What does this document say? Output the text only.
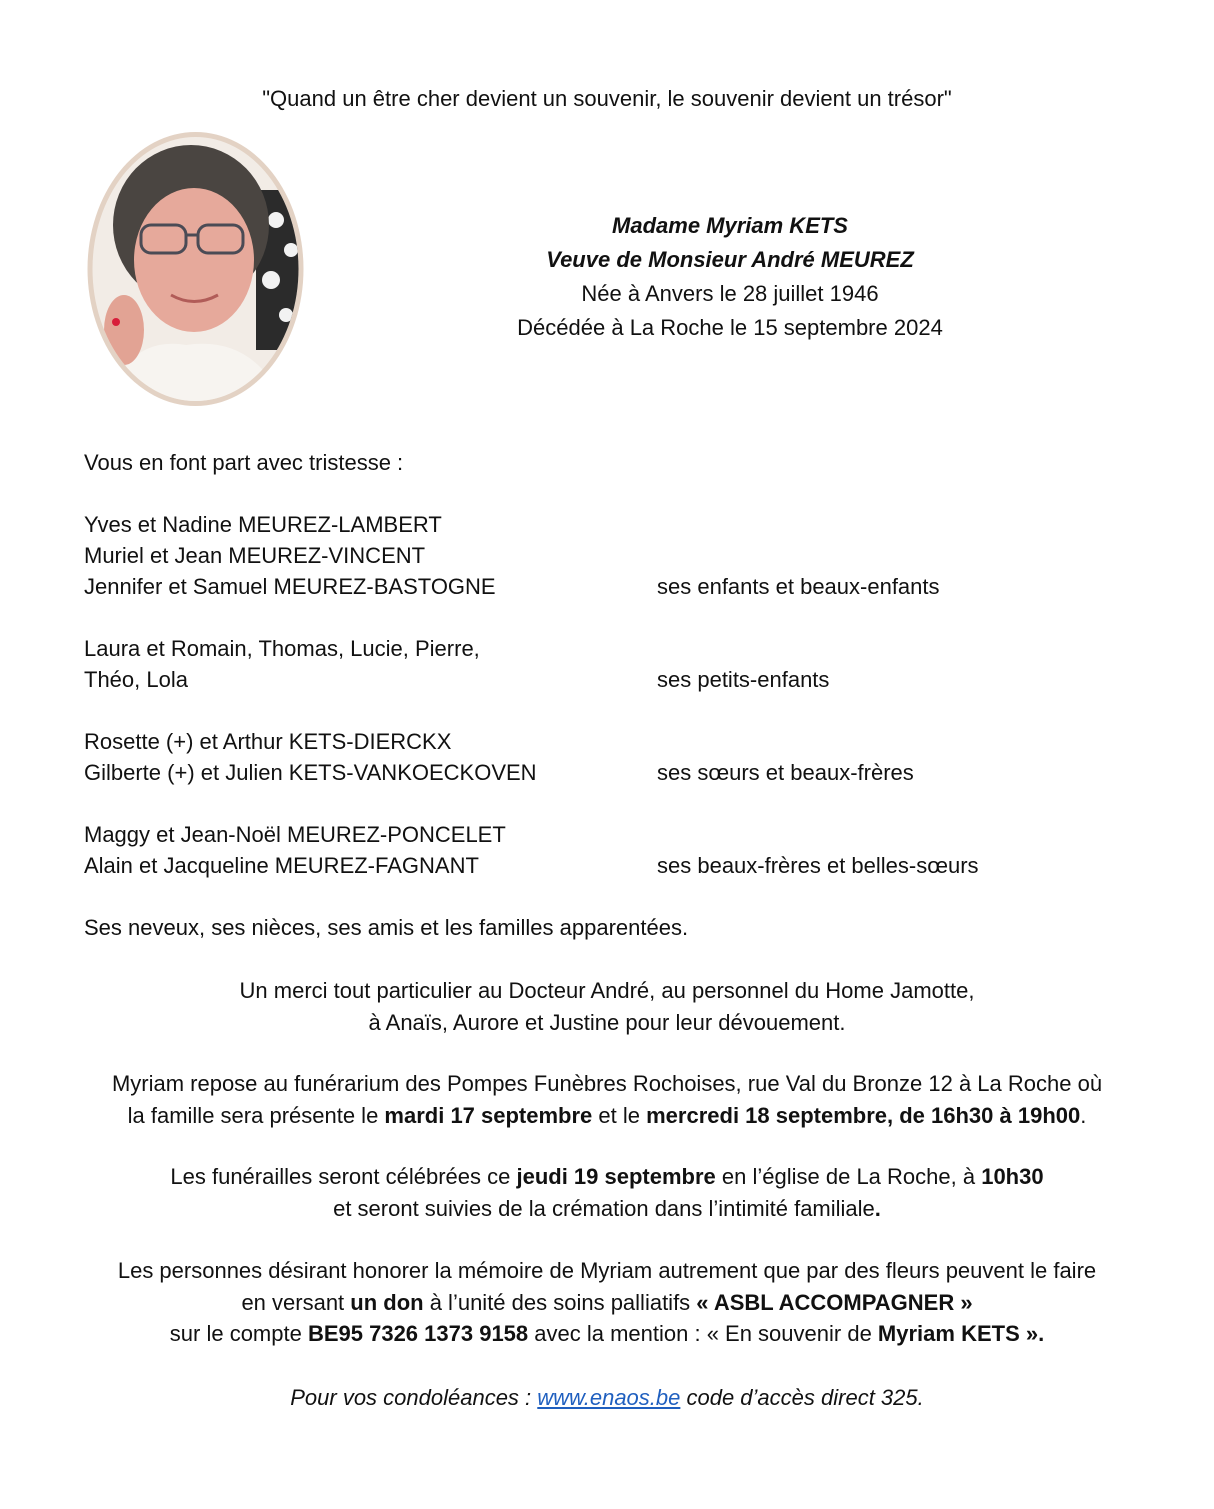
"Quand un être cher devient un souvenir, le souvenir devient un trésor"
Madame Myriam KETS
Veuve de Monsieur André MEUREZ
Née à Anvers le 28 juillet 1946
Décédée à La Roche le 15 septembre 2024
Vous en font part avec tristesse :
Yves et Nadine MEUREZ-LAMBERT
Muriel et Jean MEUREZ-VINCENT
Jennifer et Samuel MEUREZ-BASTOGNE	ses enfants et beaux-enfants
Laura et Romain, Thomas, Lucie, Pierre,
Théo, Lola	ses petits-enfants
Rosette (+) et Arthur KETS-DIERCKX
Gilberte (+) et Julien KETS-VANKOECKOVEN	ses sœurs et beaux-frères
Maggy et Jean-Noël MEUREZ-PONCELET
Alain et Jacqueline MEUREZ-FAGNANT	ses beaux-frères et belles-sœurs
Ses neveux, ses nièces, ses amis et les familles apparentées.
Un merci tout particulier au Docteur André, au personnel du Home Jamotte,
à Anaïs, Aurore et Justine pour leur dévouement.
Myriam repose au funérarium des Pompes Funèbres Rochoises, rue Val du Bronze 12 à La Roche où
la famille sera présente le mardi 17 septembre et le mercredi 18 septembre, de 16h30 à 19h00.
Les funérailles seront célébrées ce jeudi 19 septembre en l’église de La Roche, à 10h30
et seront suivies de la crémation dans l’intimité familiale.
Les personnes désirant honorer la mémoire de Myriam autrement que par des fleurs peuvent le faire
en versant un don à l’unité des soins palliatifs « ASBL ACCOMPAGNER »
sur le compte BE95 7326 1373 9158 avec la mention : « En souvenir de Myriam KETS ».
Pour vos condoléances : www.enaos.be code d’accès direct 325.
